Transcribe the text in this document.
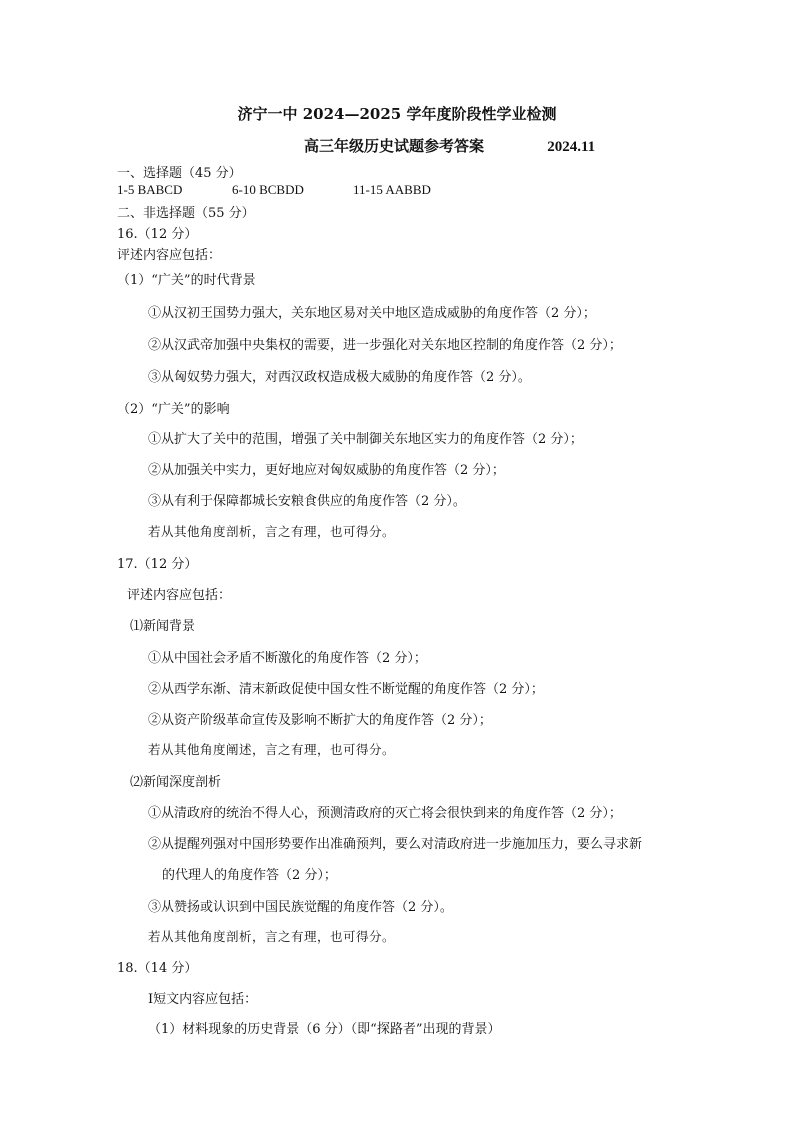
济宁一中 2024—2025 学年度阶段性学业检测
高三年级历史试题参考答案	2024.11
一、选择题（45 分）
1-5 BABCD	6-10 BCBDD	11-15 AABBD
二、非选择题（55 分）
16.（12 分）
评述内容应包括：
（1）“广关”的时代背景
①从汉初王国势力强大，关东地区易对关中地区造成威胁的角度作答（2 分）；
②从汉武帝加强中央集权的需要，进一步强化对关东地区控制的角度作答（2 分）；
③从匈奴势力强大，对西汉政权造成极大威胁的角度作答（2 分）。
（2）“广关”的影响
①从扩大了关中的范围，增强了关中制御关东地区实力的角度作答（2 分）；
②从加强关中实力，更好地应对匈奴威胁的角度作答（2 分）；
③从有利于保障都城长安粮食供应的角度作答（2 分）。
若从其他角度剖析，言之有理，也可得分。
17.（12 分）
评述内容应包括：
⑴新闻背景
①从中国社会矛盾不断激化的角度作答（2 分）；
②从西学东渐、清末新政促使中国女性不断觉醒的角度作答（2 分）；
②从资产阶级革命宣传及影响不断扩大的角度作答（2 分）；
若从其他角度阐述，言之有理，也可得分。
⑵新闻深度剖析
①从清政府的统治不得人心，预测清政府的灭亡将会很快到来的角度作答（2 分）；
②从提醒列强对中国形势要作出准确预判，要么对清政府进一步施加压力，要么寻求新
的代理人的角度作答（2 分）；
③从赞扬或认识到中国民族觉醒的角度作答（2 分）。
若从其他角度剖析，言之有理，也可得分。
18.（14 分）
Ⅰ短文内容应包括：
（1）材料现象的历史背景（6 分）（即“探路者”出现的背景）
